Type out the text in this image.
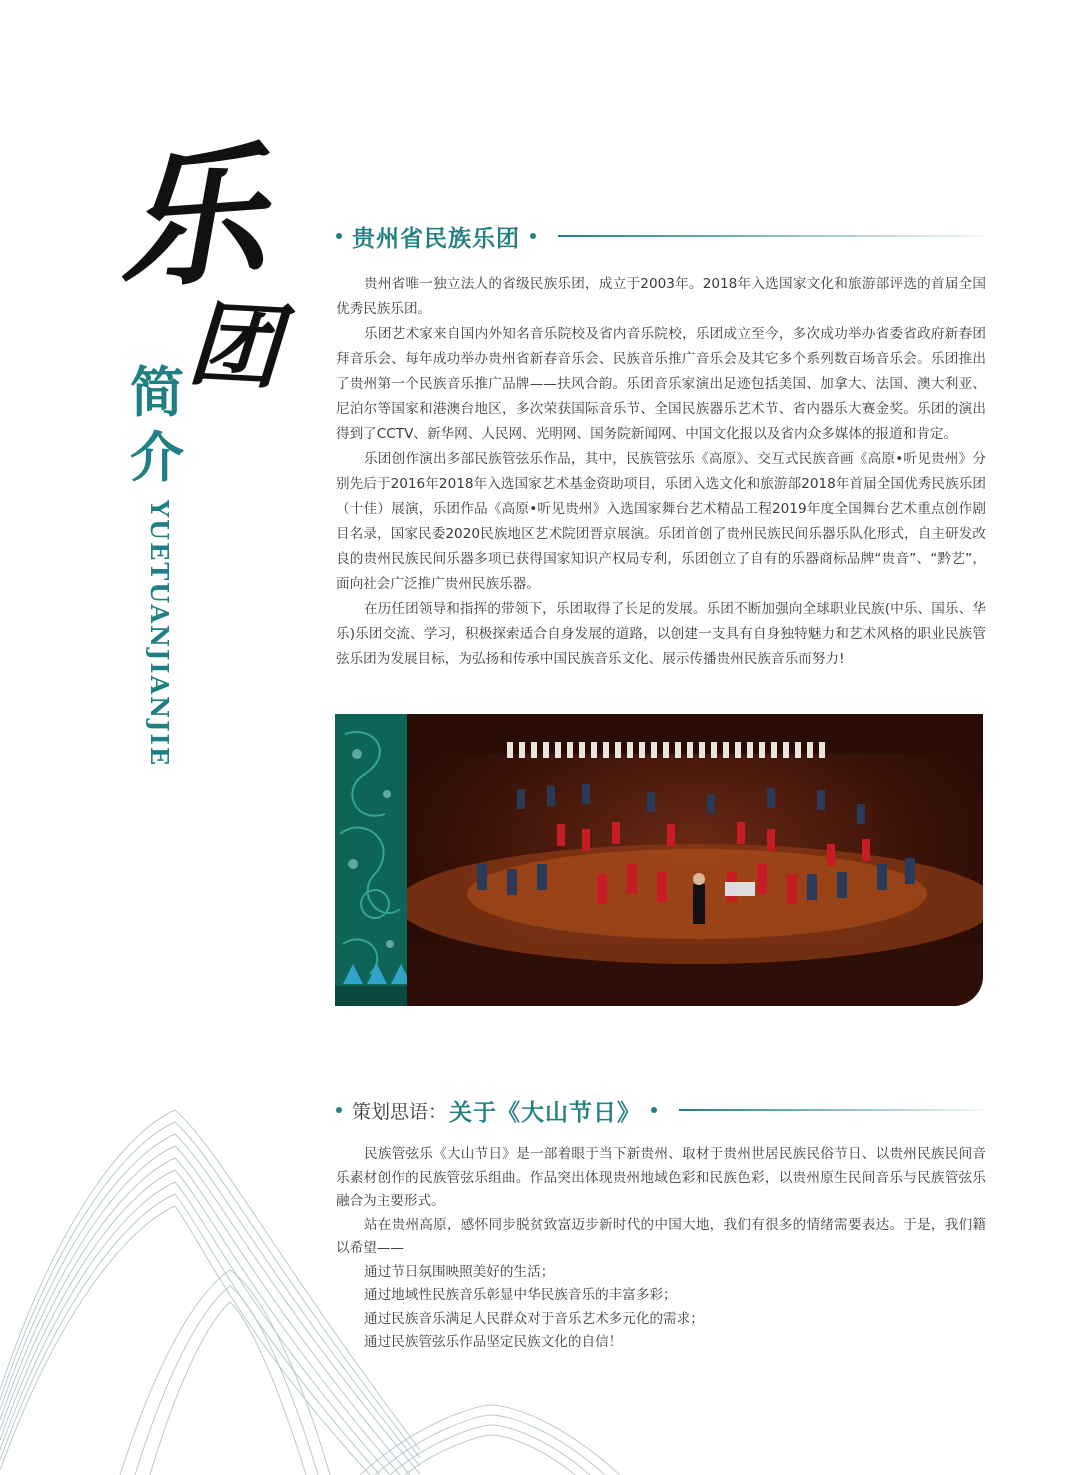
乐
团
简
介
YUETUANJIANJIE
贵州省民族乐团

贵州省唯一独立法人的省级民族乐团，成立于2003年。2018年入选国家文化和旅游部评选的首届全国优秀民族乐团。

乐团艺术家来自国内外知名音乐院校及省内音乐院校，乐团成立至今，多次成功举办省委省政府新春团拜音乐会、每年成功举办贵州省新春音乐会、民族音乐推广音乐会及其它多个系列数百场音乐会。乐团推出了贵州第一个民族音乐推广品牌——扶风合韵。乐团音乐家演出足迹包括美国、加拿大、法国、澳大利亚、尼泊尔等国家和港澳台地区，多次荣获国际音乐节、全国民族器乐艺术节、省内器乐大赛金奖。乐团的演出得到了CCTV、新华网、人民网、光明网、国务院新闻网、中国文化报以及省内众多媒体的报道和肯定。

乐团创作演出多部民族管弦乐作品，其中，民族管弦乐《高原》、交互式民族音画《高原•听见贵州》分别先后于2016年2018年入选国家艺术基金资助项目，乐团入选文化和旅游部2018年首届全国优秀民族乐团（十佳）展演，乐团作品《高原•听见贵州》入选国家舞台艺术精品工程2019年度全国舞台艺术重点创作剧目名录，国家民委2020民族地区艺术院团晋京展演。乐团首创了贵州民族民间乐器乐队化形式，自主研发改良的贵州民族民间乐器多项已获得国家知识产权局专利，乐团创立了自有的乐器商标品牌“贵音”、“黔艺”，面向社会广泛推广贵州民族乐器。

在历任团领导和指挥的带领下，乐团取得了长足的发展。乐团不断加强向全球职业民族(中乐、国乐、华乐)乐团交流、学习，积极探索适合自身发展的道路，以创建一支具有自身独特魅力和艺术风格的职业民族管弦乐团为发展目标，为弘扬和传承中国民族音乐文化、展示传播贵州民族音乐而努力!

策划思语： 关于《大山节日》

民族管弦乐《大山节日》是一部着眼于当下新贵州、取材于贵州世居民族民俗节日、以贵州民族民间音乐素材创作的民族管弦乐组曲。作品突出体现贵州地域色彩和民族色彩，以贵州原生民间音乐与民族管弦乐融合为主要形式。

站在贵州高原，感怀同步脱贫致富迈步新时代的中国大地，我们有很多的情绪需要表达。于是，我们籍以希望——

通过节日氛围映照美好的生活；

通过地域性民族音乐彰显中华民族音乐的丰富多彩；

通过民族音乐满足人民群众对于音乐艺术多元化的需求；

通过民族管弦乐作品坚定民族文化的自信！
